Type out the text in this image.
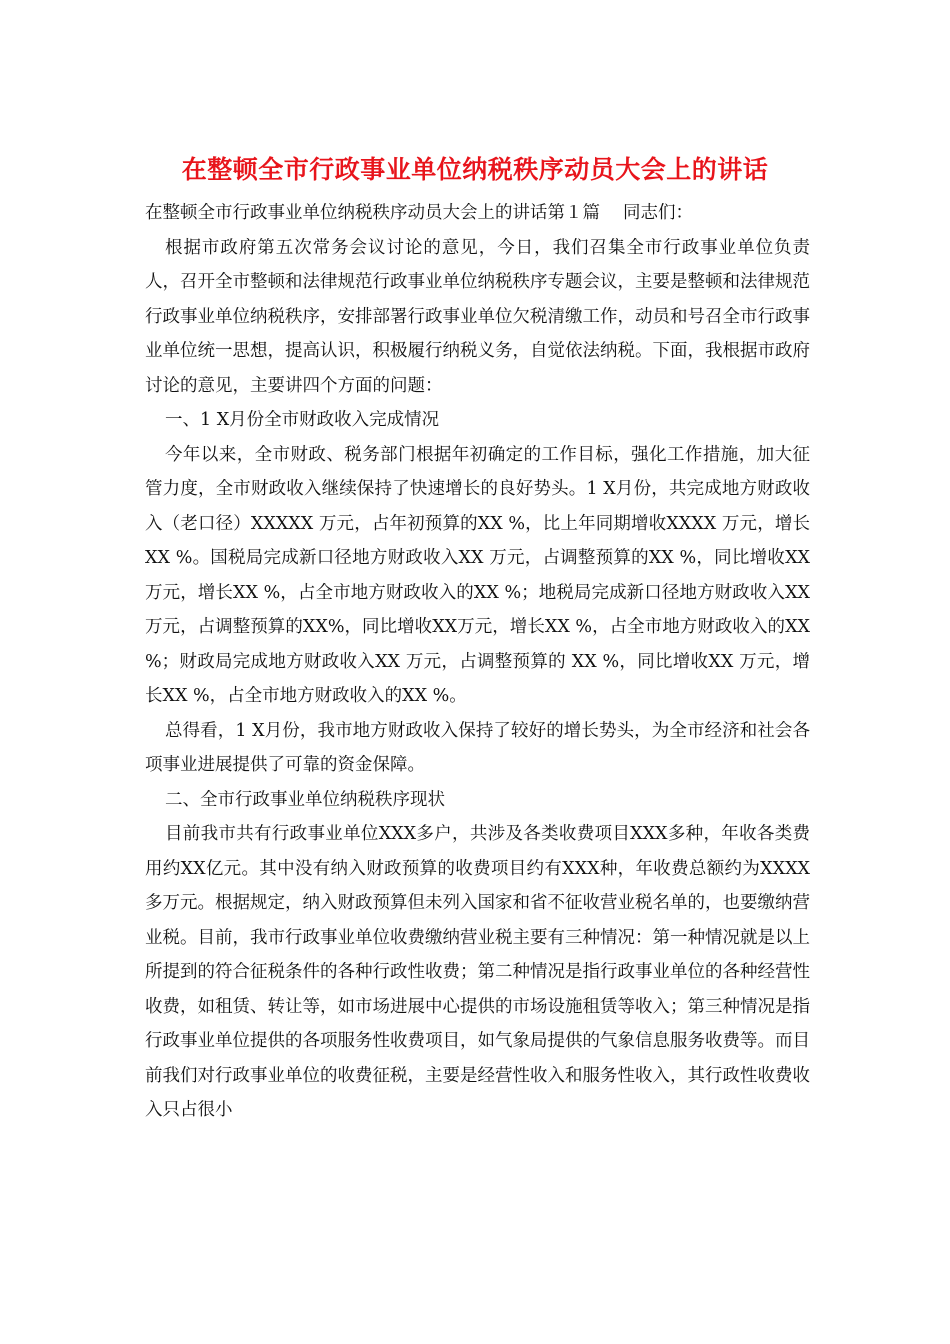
在整顿全市行政事业单位纳税秩序动员大会上的讲话

在整顿全市行政事业单位纳税秩序动员大会上的讲话第１篇　 同志们：

根据市政府第五次常务会议讨论的意见，今日，我们召集全市行政事业单位负责人，召开全市整顿和法律规范行政事业单位纳税秩序专题会议，主要是整顿和法律规范行政事业单位纳税秩序，安排部署行政事业单位欠税清缴工作，动员和号召全市行政事业单位统一思想，提高认识，积极履行纳税义务，自觉依法纳税。下面，我根据市政府讨论的意见，主要讲四个方面的问题：

一、1 X月份全市财政收入完成情况

今年以来，全市财政、税务部门根据年初确定的工作目标，强化工作措施，加大征管力度，全市财政收入继续保持了快速增长的良好势头。1 X月份，共完成地方财政收入（老口径）XXXXX 万元，占年初预算的XX %，比上年同期增收XXXX 万元，增长XX %。国税局完成新口径地方财政收入XX 万元，占调整预算的XX %，同比增收XX 万元，增长XX %，占全市地方财政收入的XX %；地税局完成新口径地方财政收入XX万元，占调整预算的XX%，同比增收XX万元，增长XX %，占全市地方财政收入的XX %；财政局完成地方财政收入XX 万元，占调整预算的 XX %，同比增收XX 万元，增长XX %，占全市地方财政收入的XX %。

总得看，1 X月份，我市地方财政收入保持了较好的增长势头，为全市经济和社会各项事业进展提供了可靠的资金保障。

二、全市行政事业单位纳税秩序现状

目前我市共有行政事业单位XXX多户，共涉及各类收费项目XXX多种，年收各类费用约XX亿元。其中没有纳入财政预算的收费项目约有XXX种，年收费总额约为XXXX多万元。根据规定，纳入财政预算但未列入国家和省不征收营业税名单的，也要缴纳营业税。目前，我市行政事业单位收费缴纳营业税主要有三种情况：第一种情况就是以上所提到的符合征税条件的各种行政性收费；第二种情况是指行政事业单位的各种经营性收费，如租赁、转让等，如市场进展中心提供的市场设施租赁等收入；第三种情况是指行政事业单位提供的各项服务性收费项目，如气象局提供的气象信息服务收费等。而目前我们对行政事业单位的收费征税，主要是经营性收入和服务性收入，其行政性收费收入只占很小
